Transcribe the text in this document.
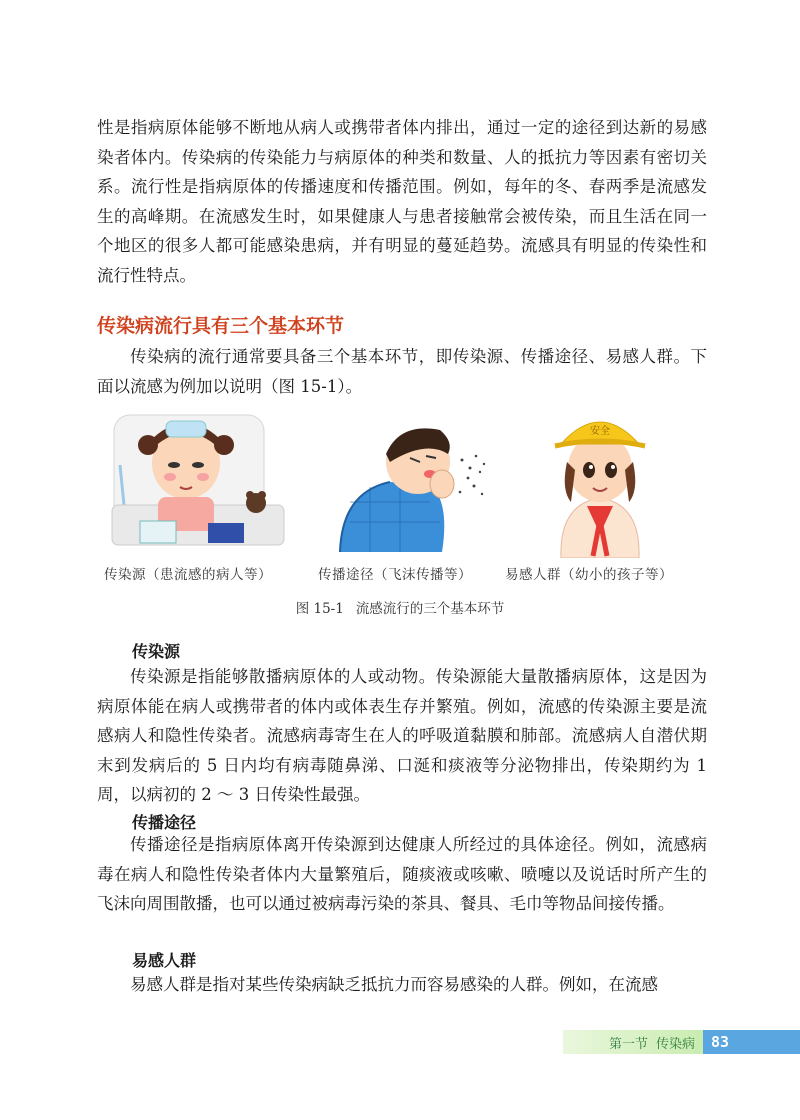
性是指病原体能够不断地从病人或携带者体内排出，通过一定的途径到达新的易感染者体内。传染病的传染能力与病原体的种类和数量、人的抵抗力等因素有密切关系。流行性是指病原体的传播速度和传播范围。例如，每年的冬、春两季是流感发生的高峰期。在流感发生时，如果健康人与患者接触常会被传染，而且生活在同一个地区的很多人都可能感染患病，并有明显的蔓延趋势。流感具有明显的传染性和流行性特点。

传染病流行具有三个基本环节

传染病的流行通常要具备三个基本环节，即传染源、传播途径、易感人群。下面以流感为例加以说明（图 15-1）。

安全
传染源（患流感的病人等）	传播途径（飞沫传播等） 易感人群（幼小的孩子等）
图 15-1 流感流行的三个基本环节
传染源

传染源是指能够散播病原体的人或动物。传染源能大量散播病原体，这是因为病原体能在病人或携带者的体内或体表生存并繁殖。例如，流感的传染源主要是流感病人和隐性传染者。流感病毒寄生在人的呼吸道黏膜和肺部。流感病人自潜伏期末到发病后的 5 日内均有病毒随鼻涕、口涎和痰液等分泌物排出，传染期约为 1 周，以病初的 2 ～ 3 日传染性最强。

传播途径

传播途径是指病原体离开传染源到达健康人所经过的具体途径。例如，流感病毒在病人和隐性传染者体内大量繁殖后，随痰液或咳嗽、喷嚏以及说话时所产生的飞沫向周围散播，也可以通过被病毒污染的茶具、餐具、毛巾等物品间接传播。

易感人群

易感人群是指对某些传染病缺乏抵抗力而容易感染的人群。例如，在流感

第一节 传染病	83
